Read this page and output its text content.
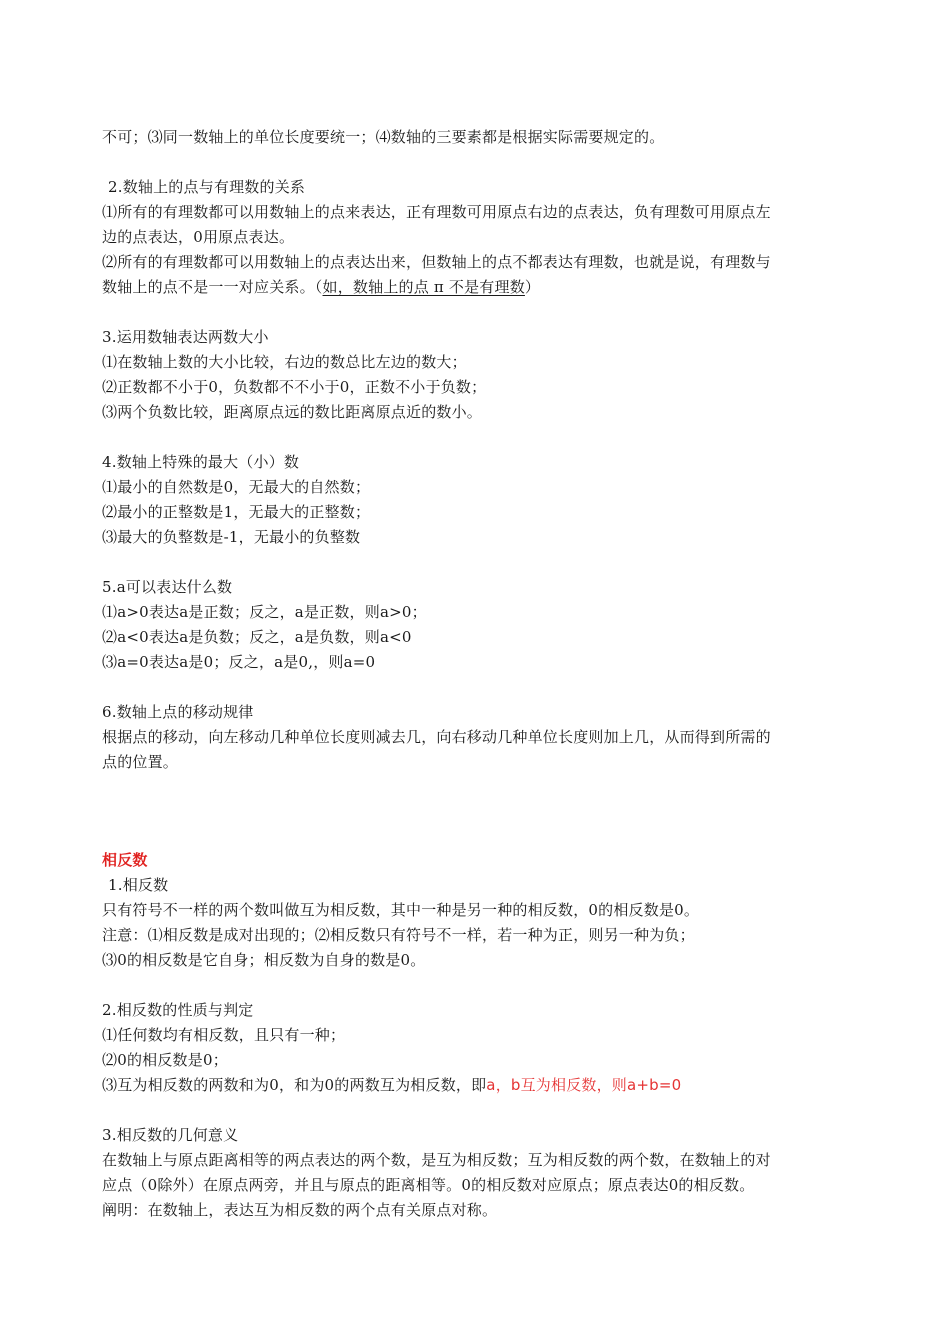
不可；⑶同一数轴上的单位长度要统一；⑷数轴的三要素都是根据实际需要规定的。
2.数轴上的点与有理数的关系
⑴所有的有理数都可以用数轴上的点来表达，正有理数可用原点右边的点表达，负有理数可用原点左
边的点表达，0用原点表达。
⑵所有的有理数都可以用数轴上的点表达出来，但数轴上的点不都表达有理数，也就是说，有理数与
数轴上的点不是一一对应关系。（如，数轴上的点 π 不是有理数）
3.运用数轴表达两数大小
⑴在数轴上数的大小比较，右边的数总比左边的数大；
⑵正数都不小于0，负数都不不小于0，正数不小于负数；
⑶两个负数比较，距离原点远的数比距离原点近的数小。
4.数轴上特殊的最大（小）数
⑴最小的自然数是0，无最大的自然数；
⑵最小的正整数是1，无最大的正整数；
⑶最大的负整数是-1，无最小的负整数
5.a可以表达什么数
⑴a>0表达a是正数；反之，a是正数，则a>0；
⑵a<0表达a是负数；反之，a是负数，则a<0
⑶a=0表达a是0；反之，a是0,，则a=0
6.数轴上点的移动规律
根据点的移动，向左移动几种单位长度则减去几，向右移动几种单位长度则加上几，从而得到所需的
点的位置。
相反数
1.相反数
只有符号不一样的两个数叫做互为相反数，其中一种是另一种的相反数，0的相反数是0。
注意：⑴相反数是成对出现的；⑵相反数只有符号不一样，若一种为正，则另一种为负；
⑶0的相反数是它自身；相反数为自身的数是0。
2.相反数的性质与判定
⑴任何数均有相反数，且只有一种；
⑵0的相反数是0；
⑶互为相反数的两数和为0，和为0的两数互为相反数，即a，b互为相反数，则a+b=0
3.相反数的几何意义
在数轴上与原点距离相等的两点表达的两个数，是互为相反数；互为相反数的两个数，在数轴上的对
应点（0除外）在原点两旁，并且与原点的距离相等。0的相反数对应原点；原点表达0的相反数。
阐明：在数轴上，表达互为相反数的两个点有关原点对称。
